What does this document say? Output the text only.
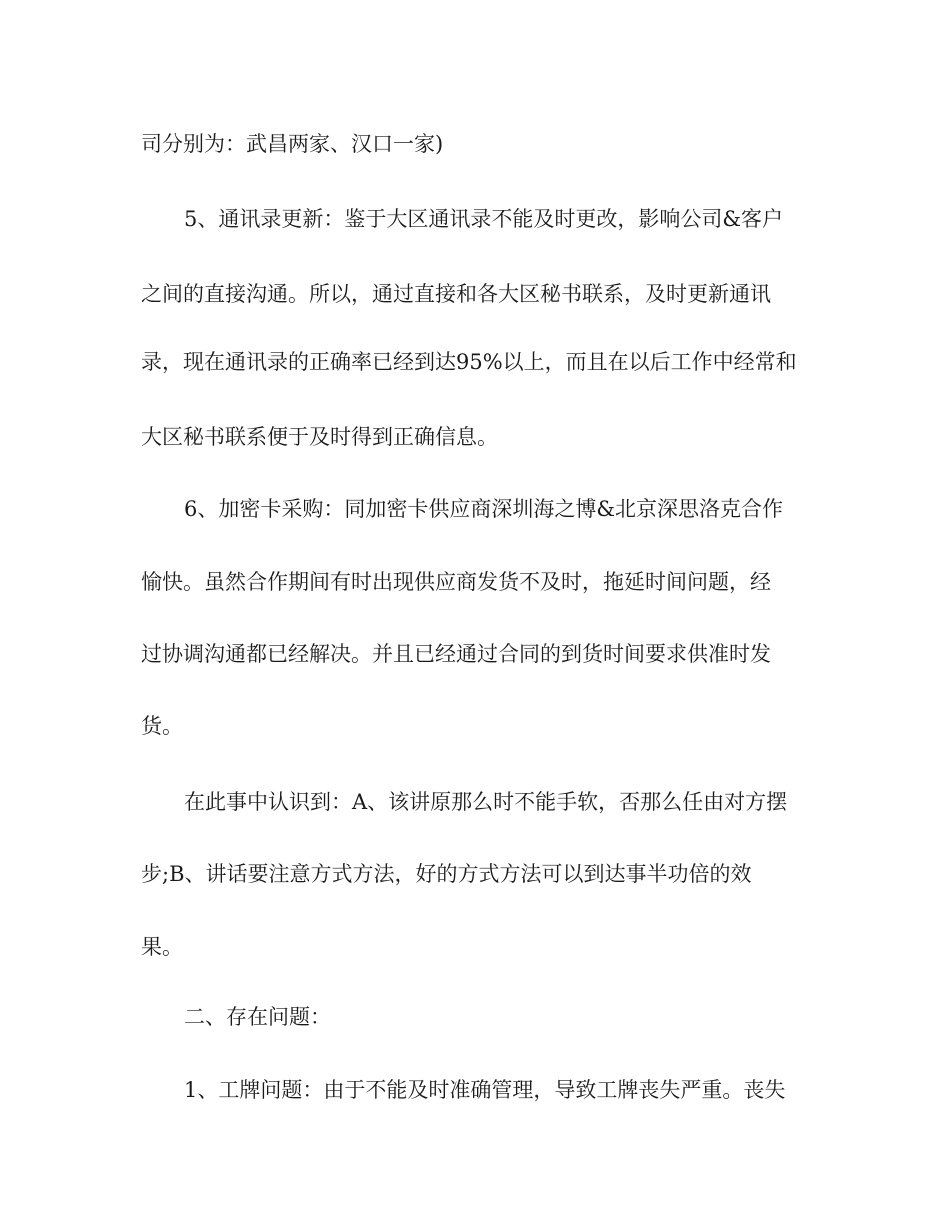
司分别为：武昌两家、汉口一家)
5、通讯录更新：鉴于大区通讯录不能及时更改，影响公司&客户
之间的直接沟通。所以，通过直接和各大区秘书联系，及时更新通讯
录，现在通讯录的正确率已经到达95%以上，而且在以后工作中经常和
大区秘书联系便于及时得到正确信息。
6、加密卡采购：同加密卡供应商深圳海之博&北京深思洛克合作
愉快。虽然合作期间有时出现供应商发货不及时，拖延时间问题，经
过协调沟通都已经解决。并且已经通过合同的到货时间要求供准时发
货。
在此事中认识到：A、该讲原那么时不能手软，否那么任由对方摆
步;B、讲话要注意方式方法，好的方式方法可以到达事半功倍的效
果。
二、存在问题：
1、工牌问题：由于不能及时准确管理，导致工牌丧失严重。丧失
